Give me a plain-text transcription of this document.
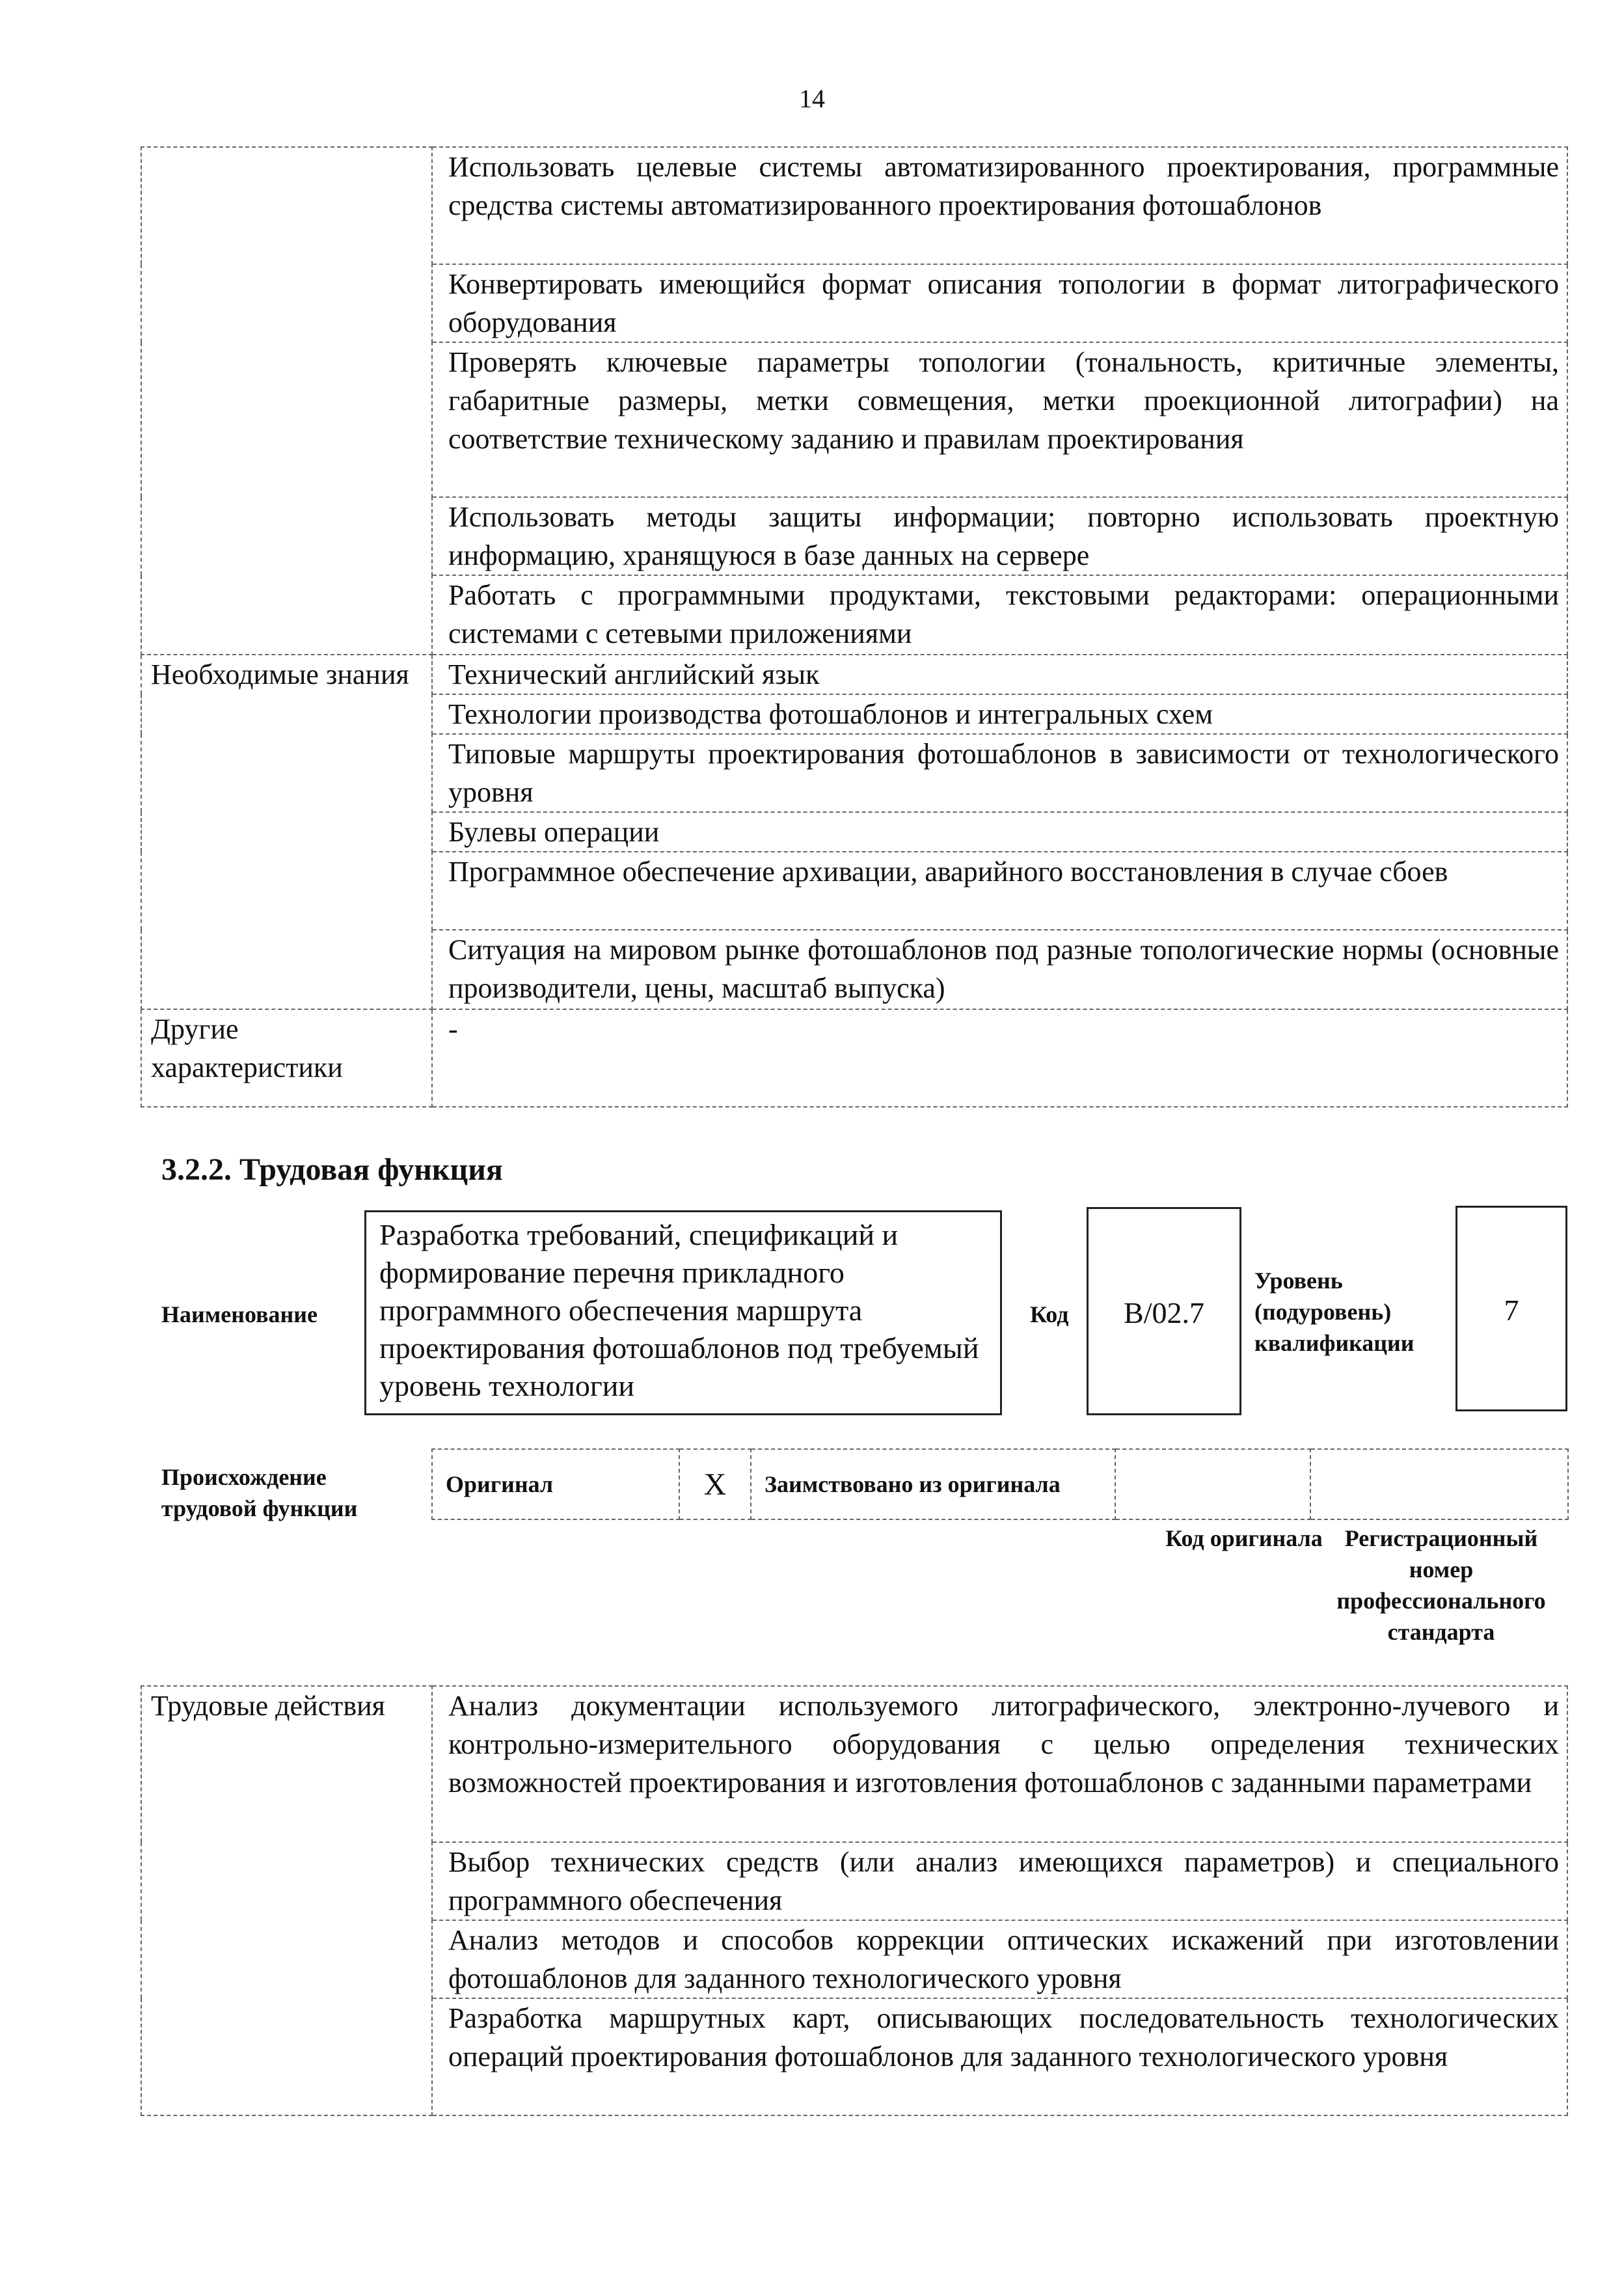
14
	Использовать целевые системы автоматизированного проектирования, программные средства системы автоматизированного проектирования фотошаблонов
	Конвертировать имеющийся формат описания топологии в формат литографического оборудования
	Проверять ключевые параметры топологии (тональность, критичные элементы, габаритные размеры, метки совмещения, метки проекционной литографии) на соответствие техническому заданию и правилам проектирования
	Использовать методы защиты информации; повторно использовать проектную информацию, хранящуюся в базе данных на сервере
	Работать с программными продуктами, текстовыми редакторами: операционными системами с сетевыми приложениями
Необходимые знания	Технический английский язык
	Технологии производства фотошаблонов и интегральных схем
	Типовые маршруты проектирования фотошаблонов в зависимости от технологического уровня
	Булевы операции
	Программное обеспечение архивации, аварийного восстановления в случае сбоев
	Ситуация на мировом рынке фотошаблонов под разные топологические нормы (основные производители, цены, масштаб выпуска)
Другие характеристики	-
3.2.2. Трудовая функция
Наименование
Разработка требований, спецификаций и формирование перечня прикладного программного обеспечения маршрута проектирования фотошаблонов под требуемый уровень технологии
Код	B/02.7
Уровень (подуровень) квалификации
7
Происхождение трудовой функции
Оригинал	X	Заимствовано из оригинала		
Код оригинала Регистрационный номер профессионального стандарта
Трудовые действия	Анализ документации используемого литографического, электронно-лучевого и контрольно-измерительного оборудования с целью определения технических возможностей проектирования и изготовления фотошаблонов с заданными параметрами
Выбор технических средств (или анализ имеющихся параметров) и специального программного обеспечения
Анализ методов и способов коррекции оптических искажений при изготовлении фотошаблонов для заданного технологического уровня
Разработка маршрутных карт, описывающих последовательность технологических операций проектирования фотошаблонов для заданного технологического уровня
